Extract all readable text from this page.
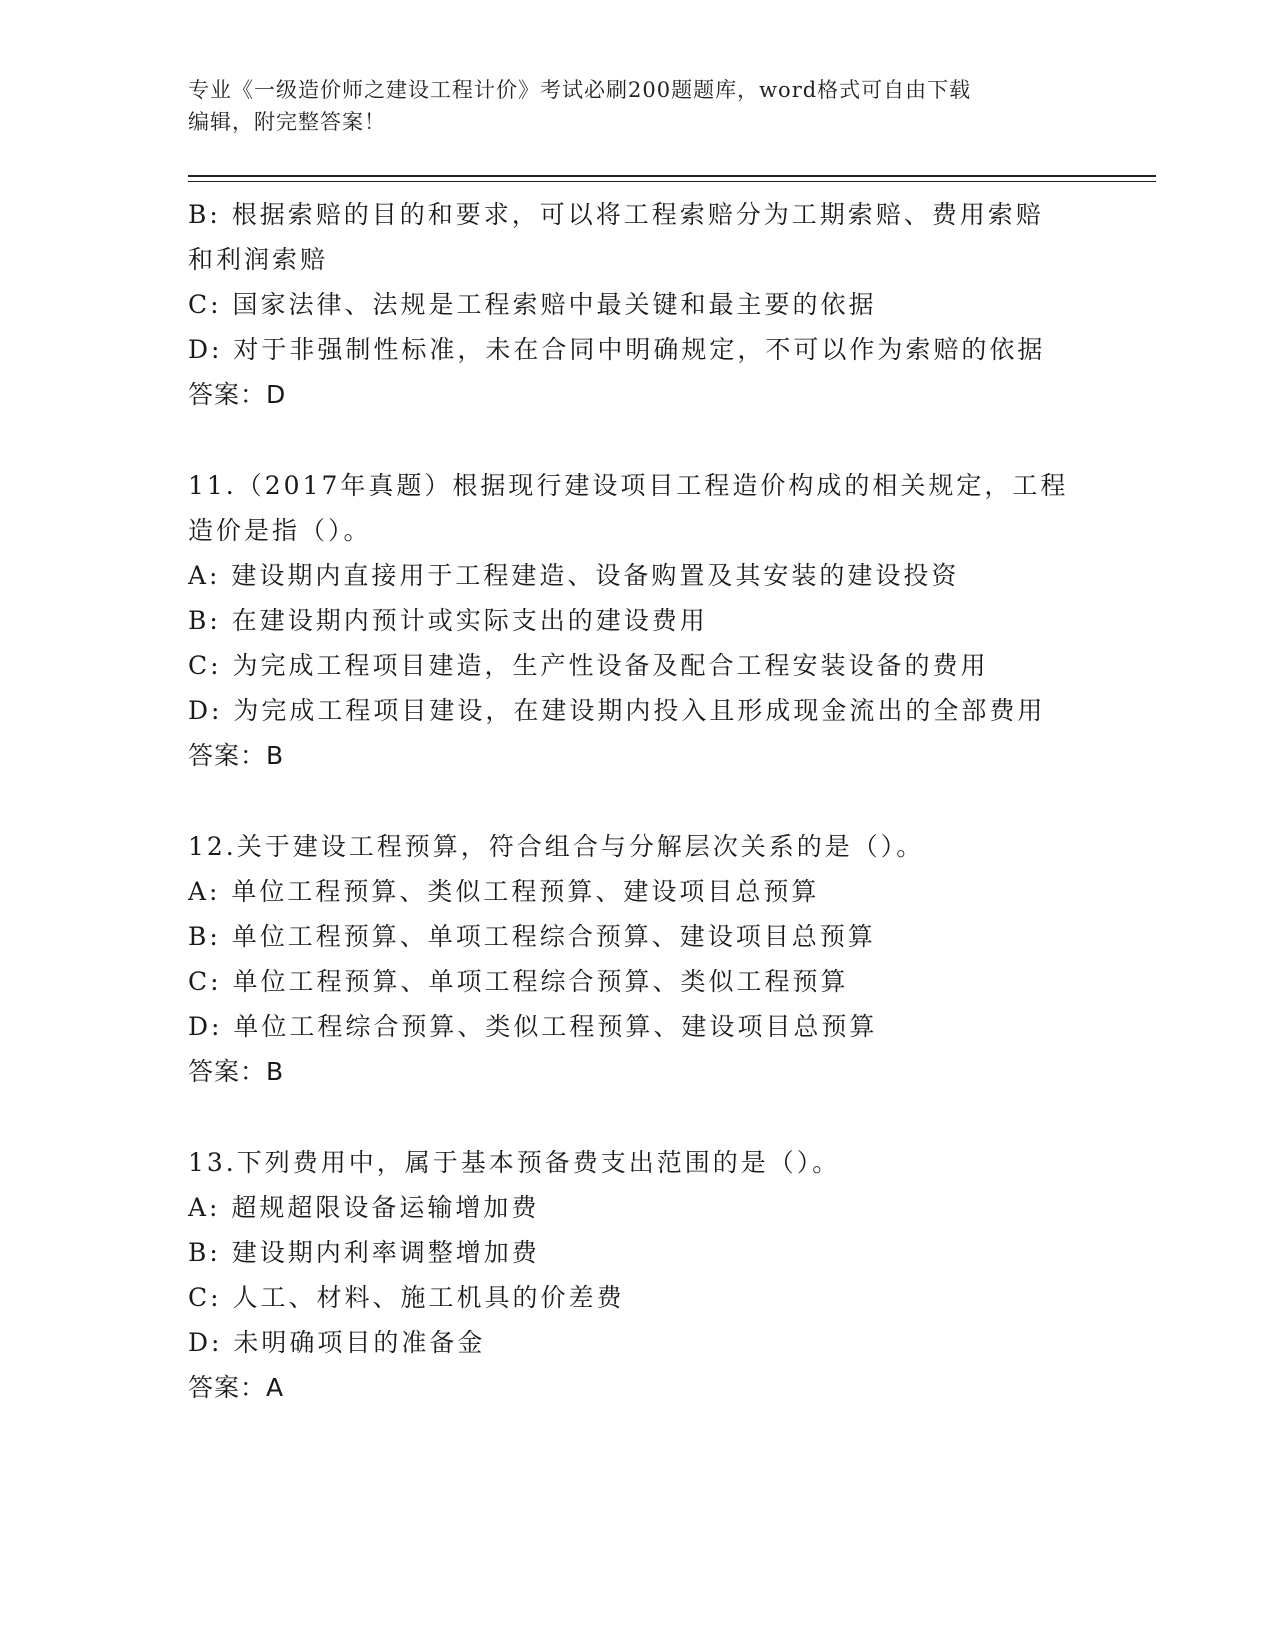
专业《一级造价师之建设工程计价》考试必刷200题题库，word格式可自由下载
编辑，附完整答案！
B: 根据索赔的目的和要求，可以将工程索赔分为工期索赔、费用索赔
和利润索赔
C: 国家法律、法规是工程索赔中最关键和最主要的依据
D: 对于非强制性标准，未在合同中明确规定，不可以作为索赔的依据
答案：D
11.（2017年真题）根据现行建设项目工程造价构成的相关规定，工程
造价是指（）。
A: 建设期内直接用于工程建造、设备购置及其安装的建设投资
B: 在建设期内预计或实际支出的建设费用
C: 为完成工程项目建造，生产性设备及配合工程安装设备的费用
D: 为完成工程项目建设，在建设期内投入且形成现金流出的全部费用
答案：B
12.关于建设工程预算，符合组合与分解层次关系的是（）。
A: 单位工程预算、类似工程预算、建设项目总预算
B: 单位工程预算、单项工程综合预算、建设项目总预算
C: 单位工程预算、单项工程综合预算、类似工程预算
D: 单位工程综合预算、类似工程预算、建设项目总预算
答案：B
13.下列费用中，属于基本预备费支出范围的是（）。
A: 超规超限设备运输增加费
B: 建设期内利率调整增加费
C: 人工、材料、施工机具的价差费
D: 未明确项目的准备金
答案：A
